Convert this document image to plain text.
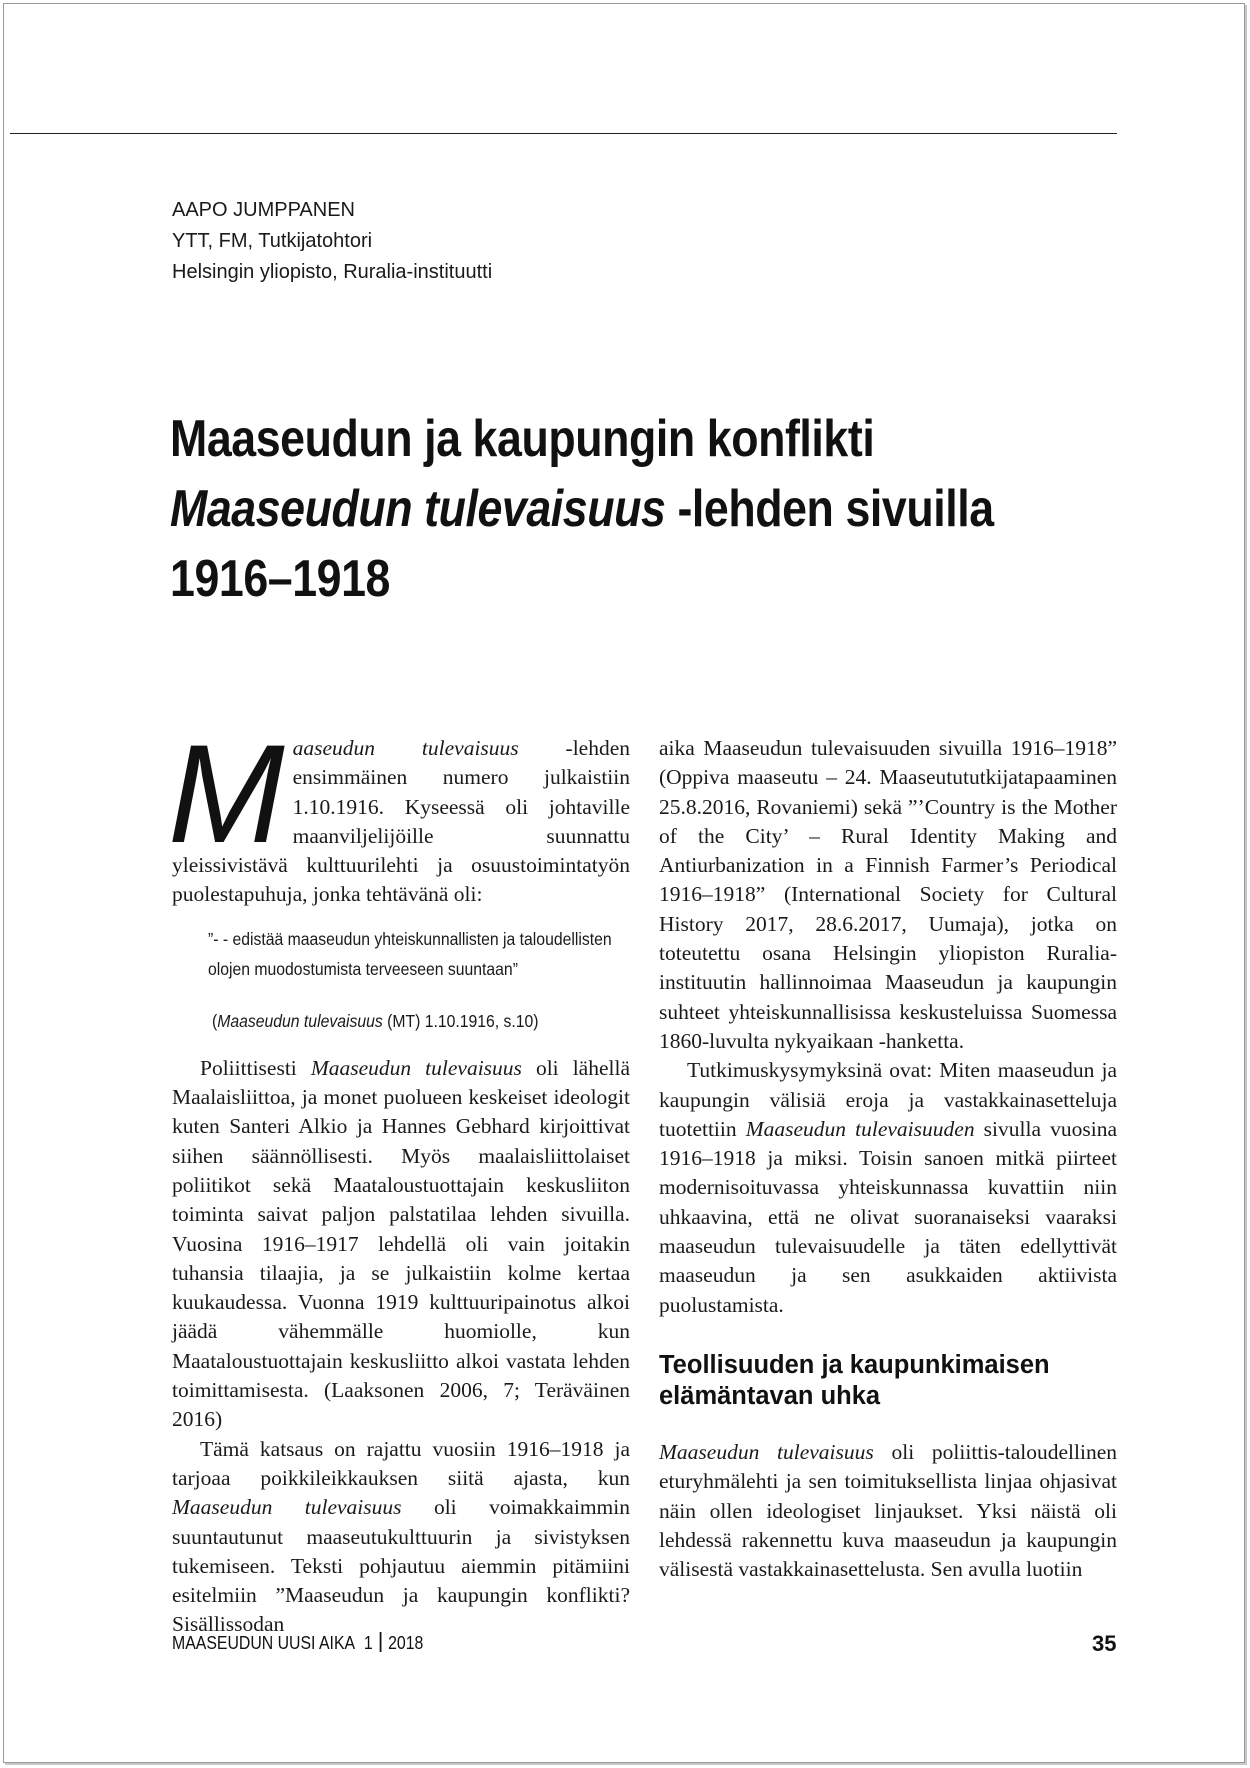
AAPO JUMPPANEN
YTT, FM, Tutkijatohtori
Helsingin yliopisto, Ruralia-instituutti
Maaseudun ja kaupungin konflikti
Maaseudun tulevaisuus -lehden sivuilla
1916–1918

Maaseudun tulevaisuus -lehden ensimmäinen numero julkaistiin 1.10.1916. Kyseessä oli johtaville maanviljelijöille suunnattu yleissivistävä kulttuurilehti ja osuustoimintatyön puolestapuhuja, jonka tehtävänä oli:

”- - edistää maaseudun yhteiskunnallisten ja taloudellisten olojen muodostumista terveeseen suuntaan”
(Maaseudun tulevaisuus (MT) 1.10.1916, s.10)

Poliittisesti Maaseudun tulevaisuus oli lähellä Maalaisliittoa, ja monet puolueen keskeiset ideologit kuten Santeri Alkio ja Hannes Gebhard kirjoittivat siihen säännöllisesti. Myös maalaisliittolaiset poliitikot sekä Maataloustuottajain keskusliiton toiminta saivat paljon palstatilaa lehden sivuilla. Vuosina 1916–1917 lehdellä oli vain joitakin tuhansia tilaajia, ja se julkaistiin kolme kertaa kuukaudessa. Vuonna 1919 kulttuuripainotus alkoi jäädä vähemmälle huomiolle, kun Maataloustuottajain keskusliitto alkoi vastata lehden toimittamisesta. (Laaksonen 2006, 7; Teräväinen 2016)

Tämä katsaus on rajattu vuosiin 1916–1918 ja tarjoaa poikkileikkauksen siitä ajasta, kun Maaseudun tulevaisuus oli voimakkaimmin suuntautunut maaseutukulttuurin ja sivistyksen tukemiseen. Teksti pohjautuu aiemmin pitämiini esitelmiin ”Maaseudun ja kaupungin konflikti? Sisällissodan

aika Maaseudun tulevaisuuden sivuilla 1916–1918” (Oppiva maaseutu – 24. Maaseutututkijatapaaminen 25.8.2016, Rovaniemi) sekä ”’Country is the Mother of the City’ – Rural Identity Making and Antiurbanization in a Finnish Farmer’s Periodical 1916–1918” (International Society for Cultural History 2017, 28.6.2017, Uumaja), jotka on toteutettu osana Helsingin yliopiston Ruralia-instituutin hallinnoimaa Maaseudun ja kaupungin suhteet yhteiskunnallisissa keskusteluissa Suomessa 1860-luvulta nykyaikaan -hanketta.

Tutkimuskysymyksinä ovat: Miten maaseudun ja kaupungin välisiä eroja ja vastakkainasetteluja tuotettiin Maaseudun tulevaisuuden sivulla vuosina 1916–1918 ja miksi. Toisin sanoen mitkä piirteet modernisoituvassa yhteiskunnassa kuvattiin niin uhkaavina, että ne olivat suoranaiseksi vaaraksi maaseudun tulevaisuudelle ja täten edellyttivät maaseudun ja sen asukkaiden aktiivista puolustamista.

Teollisuuden ja kaupunkimaisen elämäntavan uhka

Maaseudun tulevaisuus oli poliittis-taloudellinen eturyhmälehti ja sen toimituksellista linjaa ohjasivat näin ollen ideologiset linjaukset. Yksi näistä oli lehdessä rakennettu kuva maaseudun ja kaupungin välisestä vastakkainasettelusta. Sen avulla luotiin

MAASEUDUN UUSI AIKA 1 2018	35
